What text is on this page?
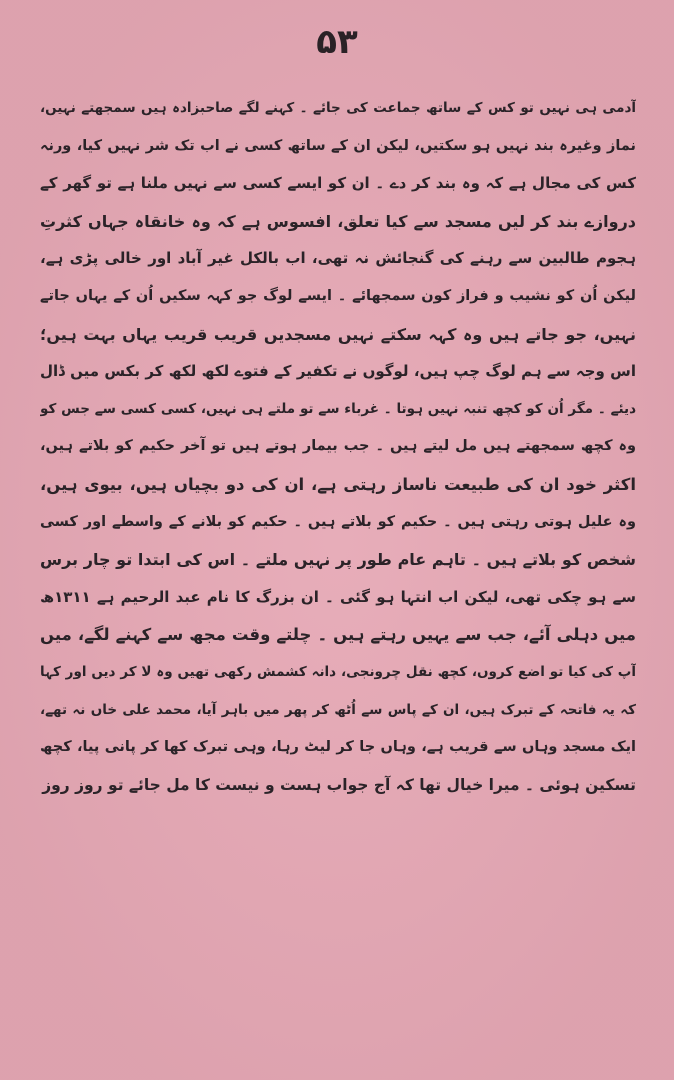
۵۳
آدمی ہی نہیں تو کس کے ساتھ جماعت کی جائے ۔ کہنے لگے صاحبزادہ ہیں سمجھتے نہیں،
نماز وغیرہ بند نہیں ہو سکتیں، لیکن ان کے ساتھ کسی نے اب تک شر نہیں کیا، ورنہ
کس کی مجال ہے کہ وہ بند کر دے ۔ ان کو ایسے کسی سے نہیں ملنا ہے تو گھر کے
دروازے بند کر لیں مسجد سے کیا تعلق، افسوس ہے کہ وہ خانقاہ جہاں کثرتِ
ہجوم طالبین سے رہنے کی گنجائش نہ تھی، اب بالکل غیر آباد اور خالی پڑی ہے،
لیکن اُن کو نشیب و فراز کون سمجھائے ۔ ایسے لوگ جو کہہ سکیں اُن کے یہاں جاتے
نہیں، جو جاتے ہیں وہ کہہ سکتے نہیں مسجدیں قریب قریب یہاں بہت ہیں؛
اس وجہ سے ہم لوگ چپ ہیں، لوگوں نے تکفیر کے فتوے لکھ لکھ کر بکس میں ڈال
دیئے ۔ مگر اُن کو کچھ تنبہ نہیں ہوتا ۔ غرباء سے تو ملتے ہی نہیں، کسی کسی سے جس کو
وہ کچھ سمجھتے ہیں مل لیتے ہیں ۔ جب بیمار ہوتے ہیں تو آخر حکیم کو بلاتے ہیں،
اکثر خود ان کی طبیعت ناساز رہتی ہے، ان کی دو بچیاں ہیں، بیوی ہیں،
وہ علیل ہوتی رہتی ہیں ۔ حکیم کو بلاتے ہیں ۔ حکیم کو بلانے کے واسطے اور کسی
شخص کو بلاتے ہیں ۔ تاہم عام طور پر نہیں ملتے ۔ اس کی ابتدا تو چار برس
سے ہو چکی تھی، لیکن اب انتہا ہو گئی ۔ ان بزرگ کا نام عبد الرحیم ہے ۱۳۱۱ھ
میں دہلی آئے، جب سے یہیں رہتے ہیں ۔ چلتے وقت مجھ سے کہنے لگے، میں
آپ کی کیا تو اضع کروں، کچھ نقل چرونجی، دانہ کشمش رکھی تھیں وہ لا کر دیں اور کہا
کہ یہ فاتحہ کے تبرک ہیں، ان کے پاس سے اُٹھ کر پھر میں باہر آیا، محمد علی خاں نہ تھے،
ایک مسجد وہاں سے قریب ہے، وہاں جا کر لیٹ رہا، وہی تبرک کھا کر پانی پیا، کچھ
تسکین ہوئی ۔ میرا خیال تھا کہ آج جواب ہست و نیست کا مل جائے تو روز روز
